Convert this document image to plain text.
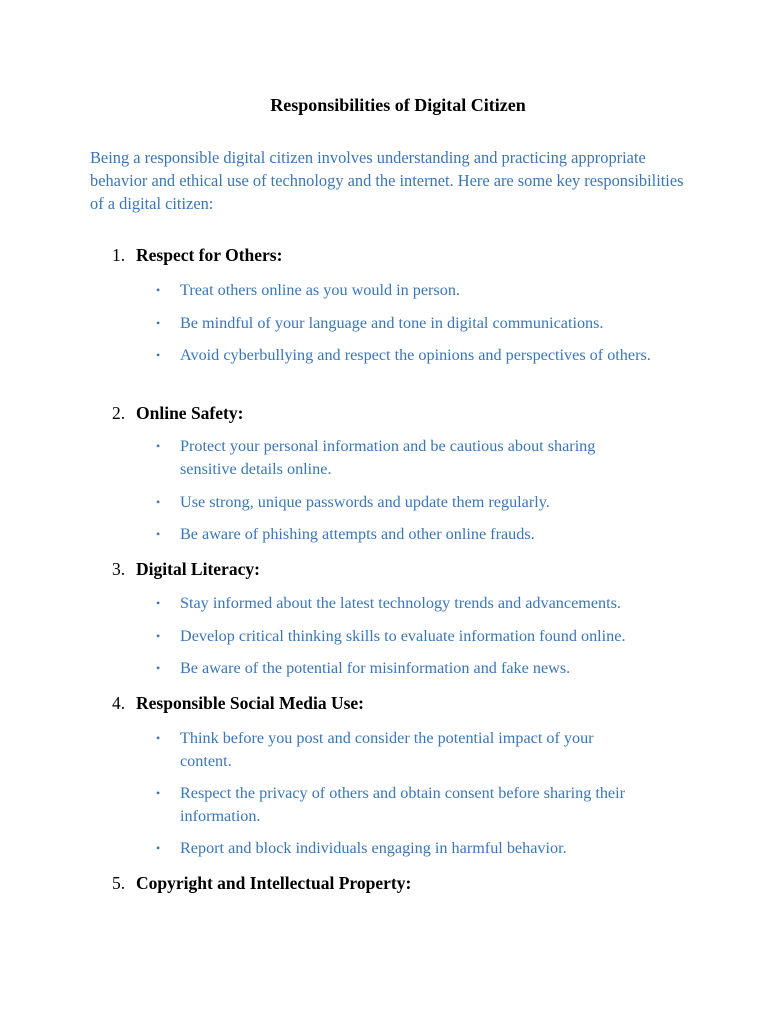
Responsibilities of Digital Citizen
Being a responsible digital citizen involves understanding and practicing appropriate behavior and ethical use of technology and the internet. Here are some key responsibilities of a digital citizen:
1. Respect for Others:
•	Treat others online as you would in person.
•	Be mindful of your language and tone in digital communications.
•	Avoid cyberbullying and respect the opinions and perspectives of others.
2. Online Safety:
•	Protect your personal information and be cautious about sharing sensitive details online.
•	Use strong, unique passwords and update them regularly.
•	Be aware of phishing attempts and other online frauds.
3. Digital Literacy:
•	Stay informed about the latest technology trends and advancements.
•	Develop critical thinking skills to evaluate information found online.
•	Be aware of the potential for misinformation and fake news.
4. Responsible Social Media Use:
•	Think before you post and consider the potential impact of your content.
•	Respect the privacy of others and obtain consent before sharing their information.
•	Report and block individuals engaging in harmful behavior.
5. Copyright and Intellectual Property:
